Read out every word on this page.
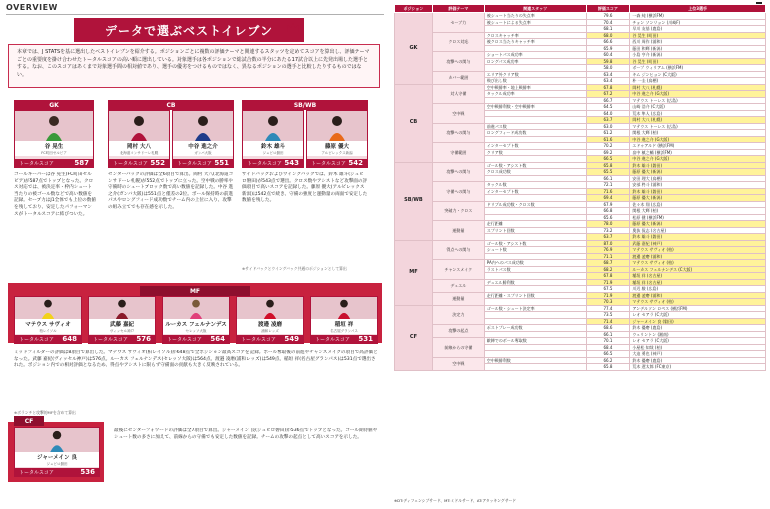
OVERVIEW
データで選ぶベストイレブン
本章では、J STATSを基に選出したベストイレブンを紹介する。ポジションごとに複数の評価テーマと関連するスタッツを定めてスコアを算出し、評価テーマごとの重要度を掛け合わせたトータルスコアの高い順に選出している。対象選手は各ポジションで総試合数の半分にあたる17試合以上に先発出場した選手とする。なお、このスコアはあくまで対象選手間の相対値であり、選手の優劣をつけるものではなく、異なるポジションの選手と比較したりするものではない。
GK
谷 晃生
FC町田ゼルビア
トータルスコア	587
CB
岡村 大八
北海道コンサドーレ札幌
トータルスコア 552
中谷 進之介
ガンバ大阪
トータルスコア 551
SB/WB
鈴木 雄斗
ジュビロ磐田
トータルスコア 543
藤原 優大
アルビレックス新潟
トータルスコア 542
ゴールキーパーは谷 晃生(FC町田ゼルビア)が587点でトップとなった。クロス対応では、被決定率・枠内シュート当たりの被ゴール数などで高い数値を記録。セーブ力はJ1全体でも上位の数値を残しており、安定したパフォーマンスがトータルスコアに結びついた。
センターバックの評価は全6項目で算出。岡村 大八(北海道コンサドーレ札幌)が552点でトップに立った。空中戦の勝率や守備時のシュートブロック数で高い数値を記録した。中谷 進之介(ガンバ大阪)は551点と僅差の2位。ボール保持時の前進パスやロングフィード成功数でチーム内の上位に入り、攻撃の組み立てでも存在感を示した。
サイドバックおよびウイングバックでは、鈴木 雄斗(ジュビロ磐田)が543点で選出。クロス数やアシストなど攻撃面の評価項目で高いスコアを記録した。藤原 優大(アルビレックス新潟)は542点で続き、守備の強度と運動量の両面で安定した数値を残した。
※サイドバックとウイングバック共通のポジションとして算出
MF
マテウス サヴィオ
柏レイソル
トータルスコア 648
武藤 嘉紀
ヴィッセル神戸
トータルスコア 576
ルーカス フェルナンデス
セレッソ大阪
トータルスコア 564
渡邉 凌磨
浦和レッズ
トータルスコア 549
稲垣 祥
名古屋グランパス
トータルスコア 531
ミッドフィルダーの評価は8項目で算出した。マテウス サヴィオ(柏レイソル)が648点で全ポジション最高スコアを記録。ボール奪取後の前進やチャンスメイクの項目で高評価となった。武藤 嘉紀(ヴィッセル神戸)は576点。ルーカス フェルナンデス(セレッソ大阪)は564点、渡邉 凌磨(浦和レッズ)は549点、稲垣 祥(名古屋グランパス)は531点で選出された。ポジション内での相対評価となるため、得点やアシストに限らず守備面の貢献も大きく反映されている。
※ボランチと攻撃的MFを含めて算出
CF
ジャーメイン 良
ジュビロ磐田
トータルスコア	536
最後にセンターフォワードの評価は全7項目で算出。ジャーメイン 良(ジュビロ磐田)が536点でトップとなった。ゴール期待値やシュート数の多さに加えて、前線からの守備でも安定した数値を記録。チームの攻撃の起点として高いスコアを示した。
ポジション	評価テーマ	関連スタッツ	評価スコア	上位3選手
GK	セーブ力	被シュート当たりの失点率	79.6	一森 純 (横浜FM)
		被シュートによる失点率	70.4	チョン ソンリョン (川崎F)
			68.1	早川 友基 (鹿島)
	クロス対応	クロスキャッチ率	68.0	谷 晃生 (町田)
		被クロス当たりキャッチ率	66.6	西川 周作 (浦和)
			65.9	藤田 和輝 (新潟)
	攻撃への関与	ショートパス成功率	60.4	小島 亨介 (新潟)
		ロングパス成功率	59.8	谷 晃生 (町田)
			58.0	ボープ ウィリアム (横浜FM)
	カバー範囲	エリア外クリア数	63.4	キム ジンヒョン (C大阪)
		飛び出し数	63.4	朴 一圭 (鳥栖)
CB	対人守備	空中戦勝率・地上戦勝率	67.8	岡村 大八 (札幌)
		タックル成功率	67.2	中谷 進之介 (G大阪)
			66.7	マテウス トーレス (広島)
	空中戦	空中戦勝利数・空中戦勝率	64.5	山崎 浩介 (C大阪)
			64.0	荒木 隼人 (広島)
			63.7	岡村 大八 (札幌)
	攻撃への関与	前進パス数	63.0	マテウス トーレス (広島)
		ロングフィード成功数	61.2	関根 大輝 (柏)
			61.6	中谷 進之介 (G大阪)
	守備範囲	インターセプト数	70.2	エドゥアルド (横浜FM)
		クリア数	69.2	畠中 槙之輔 (横浜FM)
			66.5	中谷 進之介 (G大阪)
SB/WB	攻撃への関与	ゴール数・アシスト数	65.8	鈴木 雄斗 (磐田)
		クロス成功数	65.5	藤原 優大 (新潟)
			66.1	安田 理大 (鳥栖)
	守備への関与	タックル数	72.1	安部 柊斗 (浦和)
		インターセプト数	71.6	鈴木 雄斗 (磐田)
			69.4	藤原 優大 (新潟)
	突破力・クロス	ドリブル成功数・クロス数	67.9	佐々木 翔 (広島)
			66.8	関根 大輝 (柏)
			65.6	松原 健 (横浜FM)
	運動量	走行距離	78.0	藤原 優大 (新潟)
		スプリント回数	73.2	奥抜 侃志 (名古屋)
			63.7	鈴木 雄斗 (磐田)
MF	得点への関与	ゴール数・アシスト数	87.0	武藤 嘉紀 (神戸)
		シュート数	76.9	マテウス サヴィオ (柏)
			71.1	渡邉 凌磨 (浦和)
	チャンスメイク	PA内へのパス成功数	68.7	マテウス サヴィオ (柏)
		ラストパス数	68.2	ルーカス フェルナンデス (C大阪)
			67.8	稲垣 祥 (名古屋)
	デュエル	デュエル勝利数	71.9	稲垣 祥 (名古屋)
			67.5	川辺 駿 (広島)
	運動量	走行距離・スプリント回数	71.9	渡邉 凌磨 (浦和)
			70.3	マテウス サヴィオ (柏)
CF	決定力	ゴール数・シュート決定率	77.4	アンデルソン ロペス (横浜FM)
			73.5	レオ セアラ (C大阪)
			71.4	ジャーメイン 良 (磐田)
	攻撃の起点	ポストプレー成功数	68.6	鈴木 優磨 (鹿島)
			66.1	ウェリントン (湘南)
	前線からの守備	敵陣でのボール奪取数	70.1	レオ セアラ (C大阪)
			68.4	小屋松 知哉 (柏)
			66.5	大迫 勇也 (神戸)
	空中戦	空中戦勝利数	66.2	鈴木 優磨 (鹿島)
			65.8	荒木 遼太郎 (FC東京)
※DT:ディフェンシブサード、MT:ミドルサード、AT:アタッキングサード
